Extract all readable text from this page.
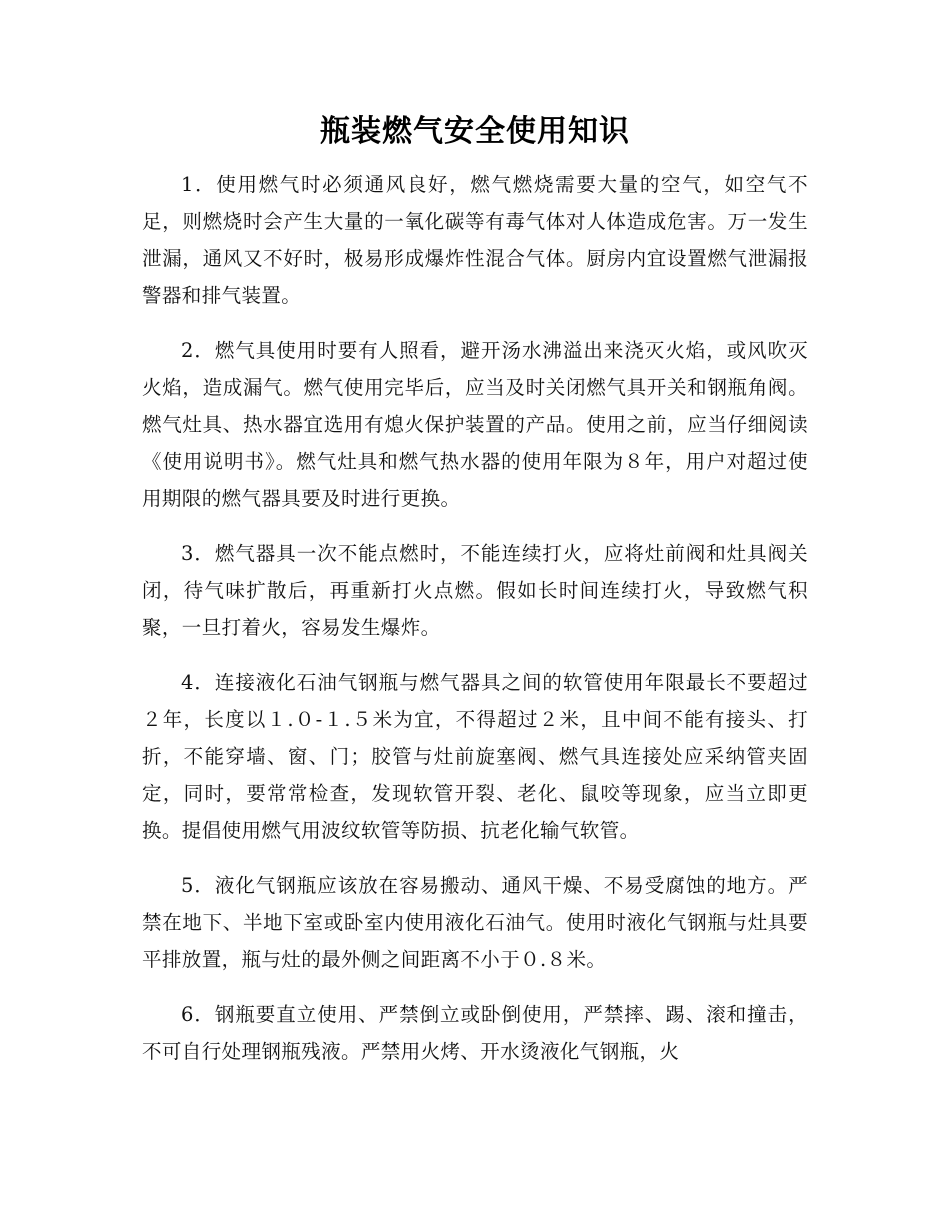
瓶装燃气安全使用知识

1．使用燃气时必须通风良好，燃气燃烧需要大量的空气，如空气不足，则燃烧时会产生大量的一氧化碳等有毒气体对人体造成危害。万一发生泄漏，通风又不好时，极易形成爆炸性混合气体。厨房内宜设置燃气泄漏报警器和排气装置。

2．燃气具使用时要有人照看，避开汤水沸溢出来浇灭火焰，或风吹灭火焰，造成漏气。燃气使用完毕后，应当及时关闭燃气具开关和钢瓶角阀。燃气灶具、热水器宜选用有熄火保护装置的产品。使用之前，应当仔细阅读《使用说明书》。燃气灶具和燃气热水器的使用年限为８年，用户对超过使用期限的燃气器具要及时进行更换。

3．燃气器具一次不能点燃时，不能连续打火，应将灶前阀和灶具阀关闭，待气味扩散后，再重新打火点燃。假如长时间连续打火，导致燃气积聚，一旦打着火，容易发生爆炸。

4．连接液化石油气钢瓶与燃气器具之间的软管使用年限最长不要超过２年，长度以１.０-１.５米为宜，不得超过２米，且中间不能有接头、打折，不能穿墙、窗、门；胶管与灶前旋塞阀、燃气具连接处应采纳管夹固定，同时，要常常检查，发现软管开裂、老化、鼠咬等现象，应当立即更换。提倡使用燃气用波纹软管等防损、抗老化输气软管。

5．液化气钢瓶应该放在容易搬动、通风干燥、不易受腐蚀的地方。严禁在地下、半地下室或卧室内使用液化石油气。使用时液化气钢瓶与灶具要平排放置，瓶与灶的最外侧之间距离不小于０.８米。

6．钢瓶要直立使用、严禁倒立或卧倒使用，严禁摔、踢、滚和撞击，不可自行处理钢瓶残液。严禁用火烤、开水烫液化气钢瓶，火
